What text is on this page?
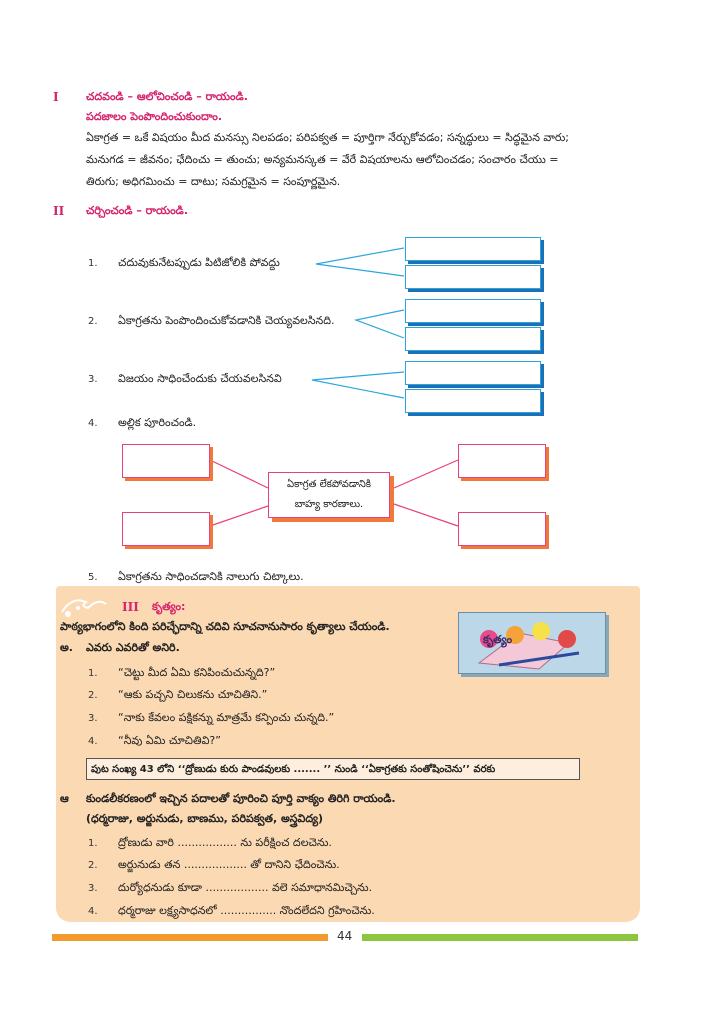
I చదవండి – ఆలోచించండి – రాయండి.
పదజాలం పెంపొందించుకుందాం.
ఏకాగ్రత = ఒకే విషయం మీద మనస్సు నిలపడం; పరిపక్వత = పూర్తిగా నేర్చుకోవడం; సన్నద్ధులు = సిద్ధమైన వారు;
మనుగడ = జీవనం; ఛేదించు = తుంచు; అన్యమనస్కత = వేరే విషయాలను ఆలోచించడం; సంచారం చేయు =
తిరుగు; అధిగమించు = దాటు; సమగ్రమైన = సంపూర్ణమైన.
II చర్చించండి – రాయండి.
1. చదువుకునేటప్పుడు పిటిజోలికి పోవద్దు
2. ఏకాగ్రతను పెంపొందించుకోవడానికి చెయ్యవలసినది.
3. విజయం సాధించేందుకు చేయవలసినవి
4. అల్లిక పూరించండి.
ఏకాగ్రత లేకపోవడానికి
బాహ్య కారణాలు.
5. ఏకాగ్రతను సాధించడానికి నాలుగు చిట్కాలు.
III కృత్యం:
పాఠ్యభాగంలోని కింది పరిచ్ఛేదాన్ని చదివి సూచనానుసారం కృత్యాలు చేయండి.
అ. ఎవరు ఎవరితో అనిరి.
1. “చెట్టు మీద ఏమి కనిపించుచున్నది?”
2. “ఆకు పచ్చని చిలుకను చూచితిని.”
3. “నాకు కేవలం పక్షికన్ను మాత్రమే కన్పించు చున్నది.”
4. “నీవు ఏమి చూచితివి?”
కృత్యం
పుట సంఖ్య 43 లోని ‘‘ద్రోణుడు కురు పాండవులకు ....... ’’ నుండి ‘‘ఏకాగ్రతకు సంతోషించెను’’ వరకు
ఆ కుండలీకరణంలో ఇచ్చిన పదాలతో పూరించి పూర్తి వాక్యం తిరిగి రాయండి.
(ధర్మరాజు, అర్జునుడు, బాణము, పరిపక్వత, అస్త్రవిద్య)
1. ద్రోణుడు వారి ................. ను పరీక్షించ దలచెను.
2. అర్జునుడు తన .................. తో దానిని ఛేదించెను.
3. దుర్యోధనుడు కూడా .................. వలె సమాధానమిచ్చెను.
4. ధర్మరాజు లక్ష్యసాధనలో ................ నొందలేదని గ్రహించెను.
44
